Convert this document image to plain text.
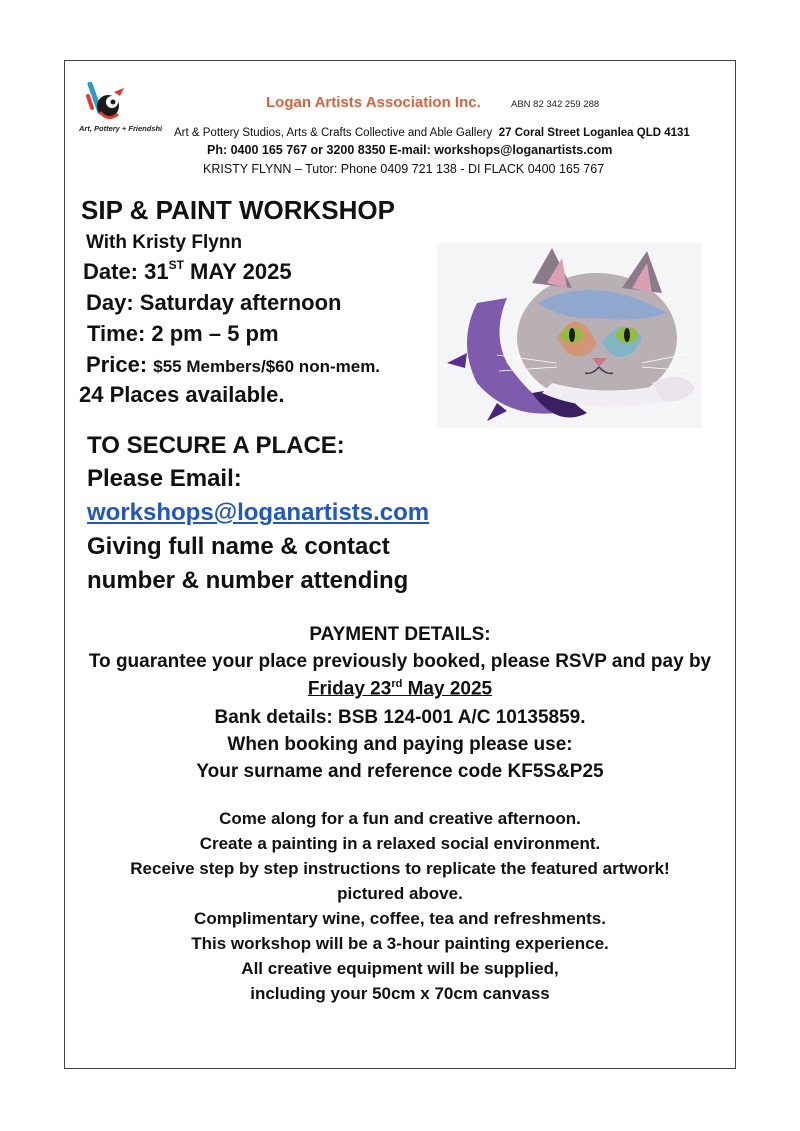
Art, Pottery + Friendshi
Logan Artists Association Inc.	ABN 82 342 259 288
Art & Pottery Studios, Arts & Crafts Collective and Able Gallery 27 Coral Street Loganlea QLD 4131
Ph: 0400 165 767 or 3200 8350 E-mail: workshops@loganartists.com
KRISTY FLYNN – Tutor: Phone 0409 721 138 - DI FLACK 0400 165 767
SIP & PAINT WORKSHOP
With Kristy Flynn
Date: 31ST MAY 2025
Day: Saturday afternoon
Time: 2 pm – 5 pm
Price: $55 Members/$60 non-mem.
24 Places available.
TO SECURE A PLACE:
Please Email:
workshops@loganartists.com
Giving full name & contact
number & number attending
PAYMENT DETAILS:
To guarantee your place previously booked, please RSVP and pay by
Friday 23rd May 2025
Bank details: BSB 124-001 A/C 10135859.
When booking and paying please use:
Your surname and reference code KF5S&P25
Come along for a fun and creative afternoon.
Create a painting in a relaxed social environment.
Receive step by step instructions to replicate the featured artwork!
pictured above.
Complimentary wine, coffee, tea and refreshments.
This workshop will be a 3-hour painting experience.
All creative equipment will be supplied,
including your 50cm x 70cm canvass
